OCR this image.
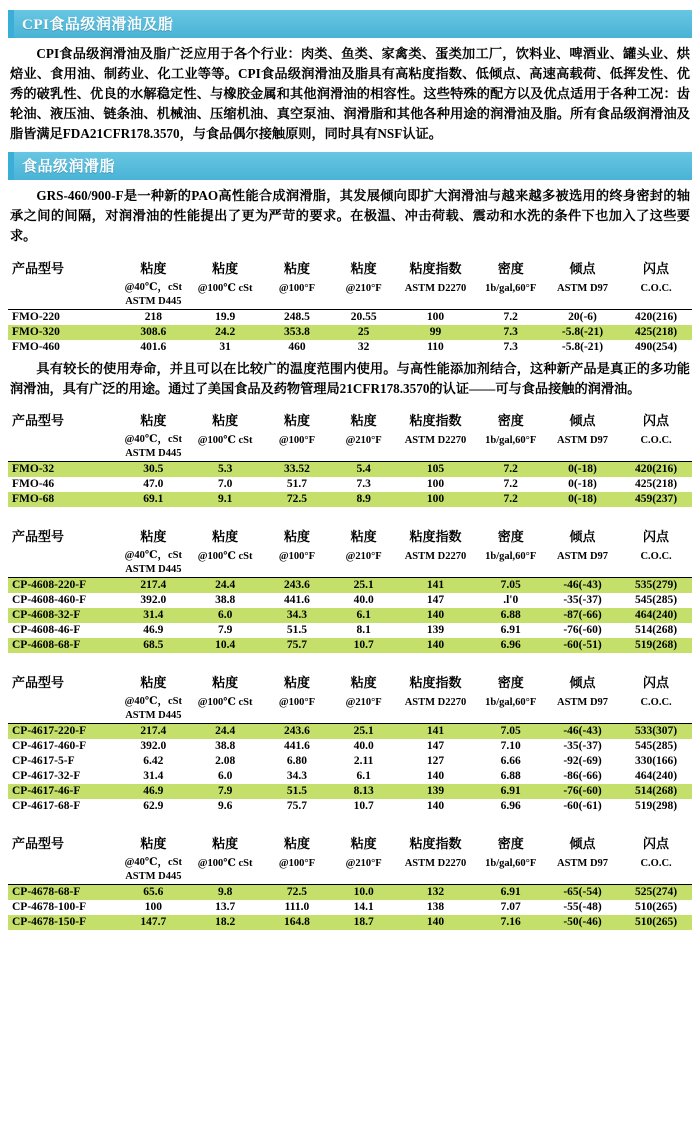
CPI食品级润滑油及脂

CPI食品级润滑油及脂广泛应用于各个行业：肉类、鱼类、家禽类、蛋类加工厂，饮料业、啤酒业、罐头业、烘焙业、食用油、制药业、化工业等等。CPI食品级润滑油及脂具有高粘度指数、低倾点、高速高载荷、低挥发性、优秀的破乳性、优良的水解稳定性、与橡胶金属和其他润滑油的相容性。这些特殊的配方以及优点适用于各种工况：齿轮油、液压油、链条油、机械油、压缩机油、真空泵油、润滑脂和其他各种用途的润滑油及脂。所有食品级润滑油及脂皆满足FDA21CFR178.3570，与食品偶尔接触原则，同时具有NSF认证。

食品级润滑脂

GRS-460/900-F是一种新的PAO高性能合成润滑脂，其发展倾向即扩大润滑油与越来越多被选用的终身密封的轴承之间的间隔，对润滑油的性能提出了更为严苛的要求。在极温、冲击荷载、震动和水洗的条件下也加入了这些要求。

产品型号	粘度	粘度	粘度	粘度	粘度指数	密度	倾点	闪点
	@40℃，cSt	@100℃ cSt	@100°F	@210°F	ASTM D2270	1b/gal,60°F	ASTM D97	C.O.C.
	ASTM D445							
FMO-220	218	19.9	248.5	20.55	100	7.2	20(-6)	420(216)
FMO-320	308.6	24.2	353.8	25	99	7.3	-5.8(-21)	425(218)
FMO-460	401.6	31	460	32	110	7.3	-5.8(-21)	490(254)

具有较长的使用寿命，并且可以在比较广的温度范围内使用。与高性能添加剂结合，这种新产品是真正的多功能润滑油，具有广泛的用途。通过了美国食品及药物管理局21CFR178.3570的认证——可与食品接触的润滑油。

产品型号	粘度	粘度	粘度	粘度	粘度指数	密度	倾点	闪点
	@40℃，cSt	@100℃ cSt	@100°F	@210°F	ASTM D2270	1b/gal,60°F	ASTM D97	C.O.C.
	ASTM D445							
FMO-32	30.5	5.3	33.52	5.4	105	7.2	0(-18)	420(216)
FMO-46	47.0	7.0	51.7	7.3	100	7.2	0(-18)	425(218)
FMO-68	69.1	9.1	72.5	8.9	100	7.2	0(-18)	459(237)
产品型号	粘度	粘度	粘度	粘度	粘度指数	密度	倾点	闪点
	@40℃，cSt	@100℃ cSt	@100°F	@210°F	ASTM D2270	1b/gal,60°F	ASTM D97	C.O.C.
	ASTM D445							
CP-4608-220-F	217.4	24.4	243.6	25.1	141	7.05	-46(-43)	535(279)
CP-4608-460-F	392.0	38.8	441.6	40.0	147	.l'0	-35(-37)	545(285)
CP-4608-32-F	31.4	6.0	34.3	6.1	140	6.88	-87(-66)	464(240)
CP-4608-46-F	46.9	7.9	51.5	8.1	139	6.91	-76(-60)	514(268)
CP-4608-68-F	68.5	10.4	75.7	10.7	140	6.96	-60(-51)	519(268)
产品型号	粘度	粘度	粘度	粘度	粘度指数	密度	倾点	闪点
	@40℃，cSt	@100℃ cSt	@100°F	@210°F	ASTM D2270	1b/gal,60°F	ASTM D97	C.O.C.
	ASTM D445							
CP-4617-220-F	217.4	24.4	243.6	25.1	141	7.05	-46(-43)	533(307)
CP-4617-460-F	392.0	38.8	441.6	40.0	147	7.10	-35(-37)	545(285)
CP-4617-5-F	6.42	2.08	6.80	2.11	127	6.66	-92(-69)	330(166)
CP-4617-32-F	31.4	6.0	34.3	6.1	140	6.88	-86(-66)	464(240)
CP-4617-46-F	46.9	7.9	51.5	8.13	139	6.91	-76(-60)	514(268)
CP-4617-68-F	62.9	9.6	75.7	10.7	140	6.96	-60(-61)	519(298)
产品型号	粘度	粘度	粘度	粘度	粘度指数	密度	倾点	闪点
	@40℃，cSt	@100℃ cSt	@100°F	@210°F	ASTM D2270	1b/gal,60°F	ASTM D97	C.O.C.
	ASTM D445							
CP-4678-68-F	65.6	9.8	72.5	10.0	132	6.91	-65(-54)	525(274)
CP-4678-100-F	100	13.7	111.0	14.1	138	7.07	-55(-48)	510(265)
CP-4678-150-F	147.7	18.2	164.8	18.7	140	7.16	-50(-46)	510(265)
